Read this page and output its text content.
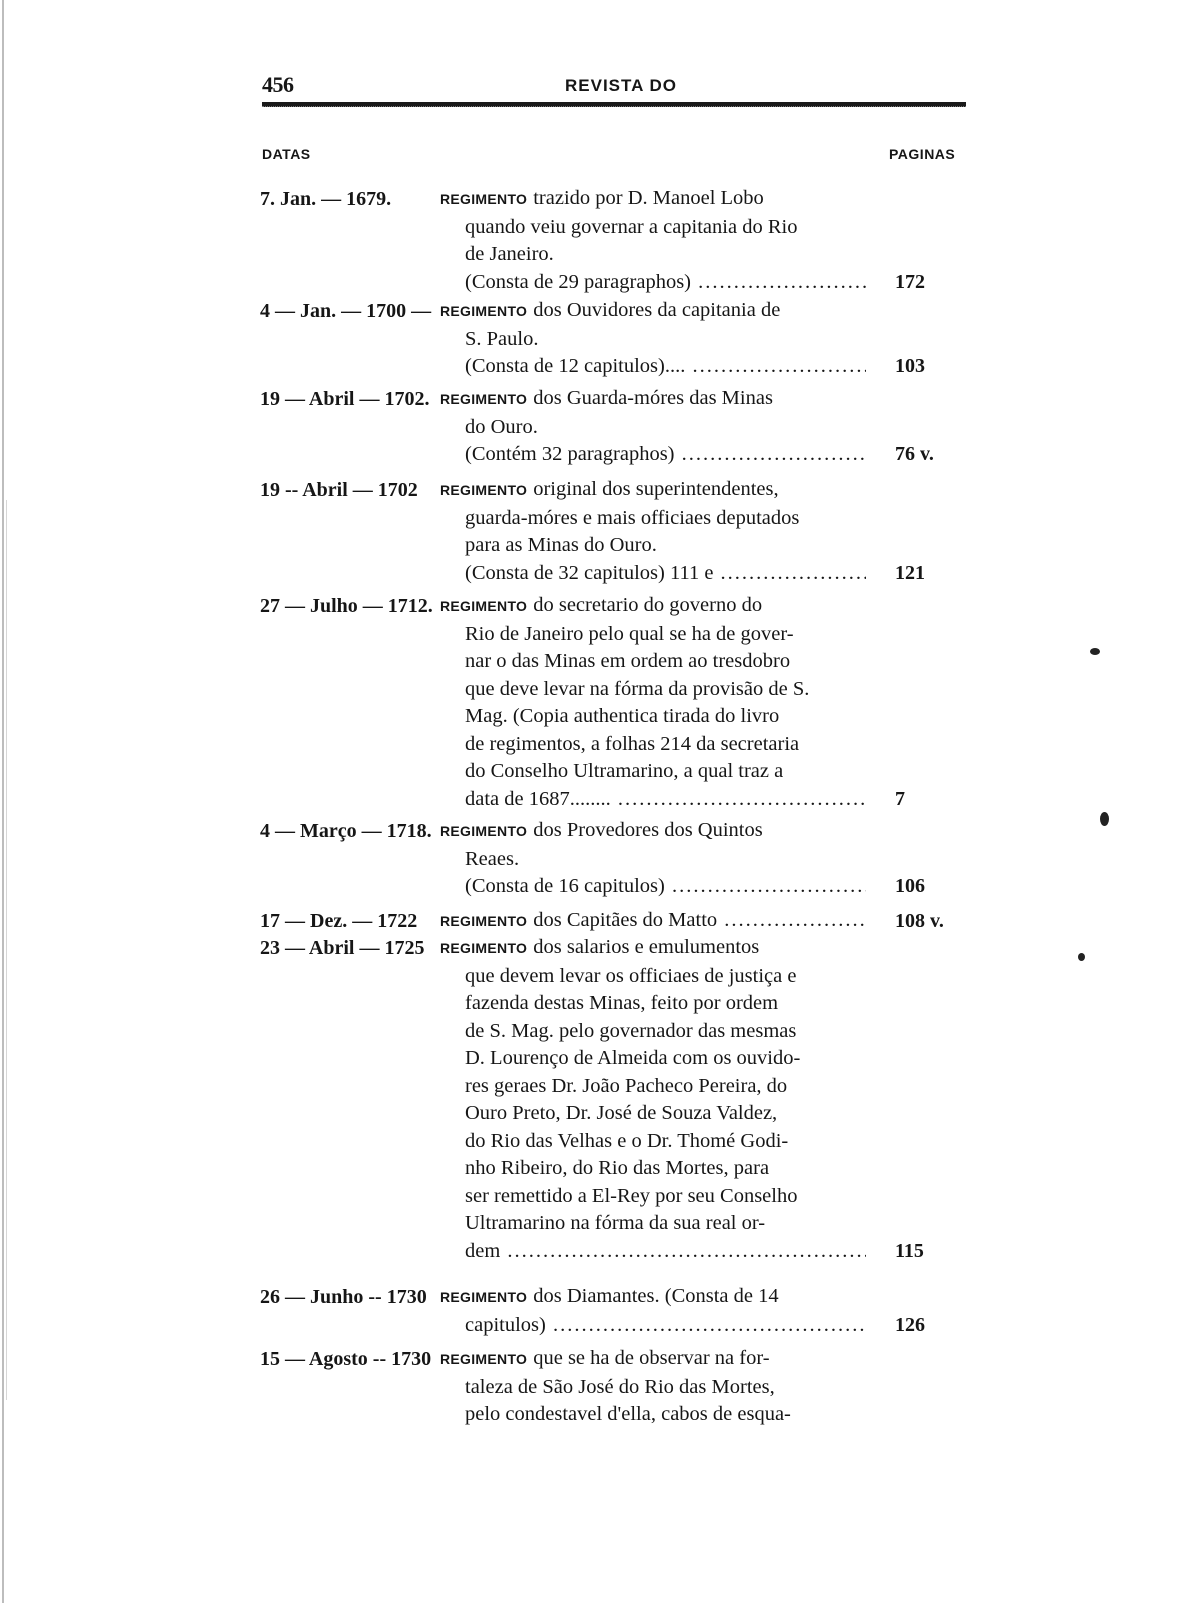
456	REVISTA DO
DATAS	PAGINAS
7. Jan. — 1679.	REGIMENTO trazido por D. Manoel Lobo
quando veiu governar a capitania do Rio
de Janeiro.
(Consta de 29 paragraphos) .....	172
4 — Jan. — 1700 — REGIMENTO dos Ouvidores da capitania de
S. Paulo.
(Consta de 12 capitulos).... .....	103
19 — Abril — 1702. REGIMENTO dos Guarda-móres das Minas
do Ouro.
(Contém 32 paragraphos) .....	76 v.
19 -- Abril — 1702 REGIMENTO original dos superintendentes,
guarda-móres e mais officiaes deputados
para as Minas do Ouro.
(Consta de 32 capitulos) 111 e .....	121
27 — Julho — 1712. REGIMENTO do secretario do governo do
Rio de Janeiro pelo qual se ha de gover-
nar o das Minas em ordem ao tresdobro
que deve levar na fórma da provisão de S.
Mag. (Copia authentica tirada do livro
de regimentos, a folhas 214 da secretaria
do Conselho Ultramarino, a qual traz a
data de 1687........ .....	7
4 — Março — 1718. REGIMENTO dos Provedores dos Quintos
Reaes.
(Consta de 16 capitulos) .....	106
17 — Dez. — 1722 REGIMENTO dos Capitães do Matto .....	108 v.
23 — Abril — 1725 REGIMENTO dos salarios e emulumentos
que devem levar os officiaes de justiça e
fazenda destas Minas, feito por ordem
de S. Mag. pelo governador das mesmas
D. Lourenço de Almeida com os ouvido-
res geraes Dr. João Pacheco Pereira, do
Ouro Preto, Dr. José de Souza Valdez,
do Rio das Velhas e o Dr. Thomé Godi-
nho Ribeiro, do Rio das Mortes, para
ser remettido a El-Rey por seu Conselho
Ultramarino na fórma da sua real or-
dem .....	115
26 — Junho -- 1730 REGIMENTO dos Diamantes. (Consta de 14
capitulos) .....	126
15 — Agosto -- 1730 REGIMENTO que se ha de observar na for-
taleza de São José do Rio das Mortes,
pelo condestavel d'ella, cabos de esqua-
